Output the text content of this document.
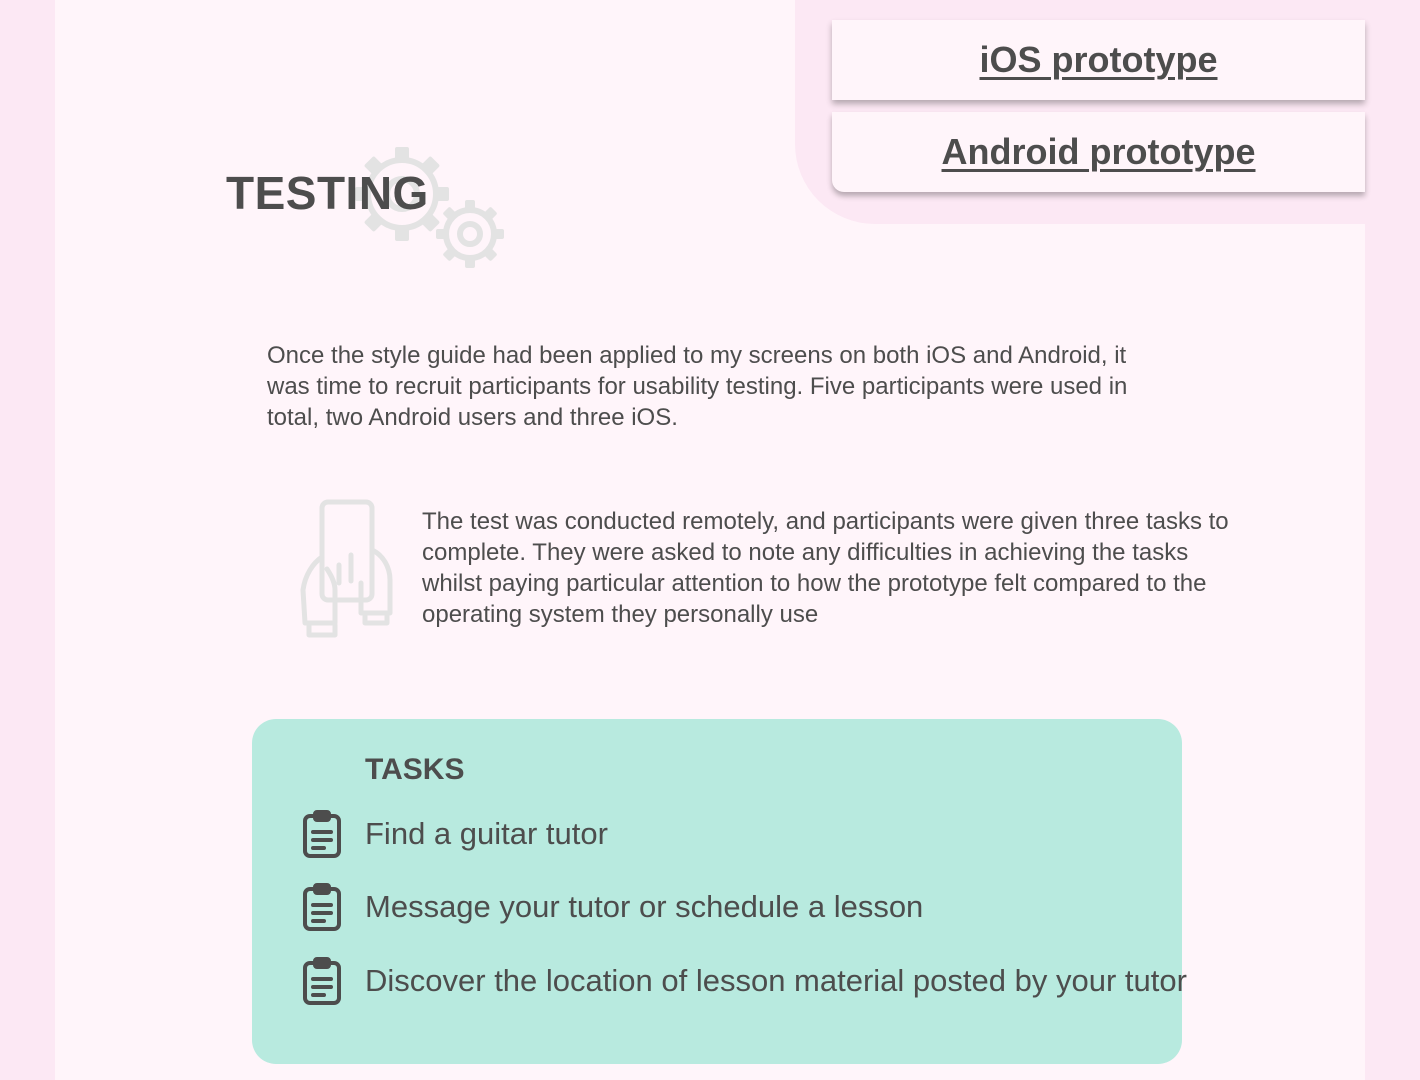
iOS prototype
Android prototype
TESTING

Once the style guide had been applied to my screens on both iOS and Android, it was time to recruit participants for usability testing. Five participants were used in total, two Android users and three iOS.

The test was conducted remotely, and participants were given three tasks to complete. They were asked to note any difficulties in achieving the tasks whilst paying particular attention to how the prototype felt compared to the operating system they personally use

TASKS
Find a guitar tutor
Message your tutor or schedule a lesson
Discover the location of lesson material posted by your tutor
